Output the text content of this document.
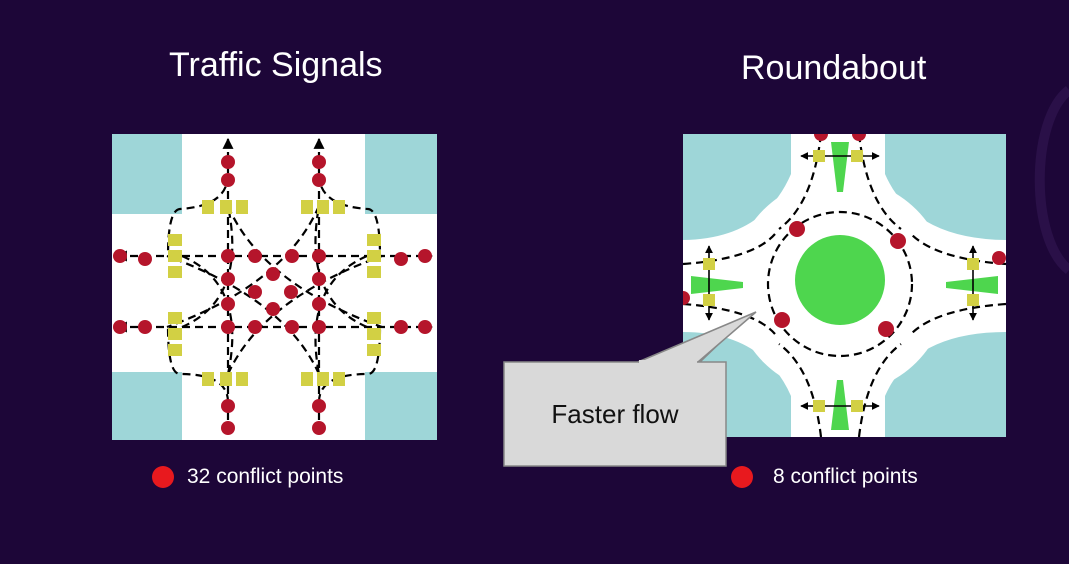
Traffic Signals
32 conflict points
Roundabout
8 conflict points
Faster flow
